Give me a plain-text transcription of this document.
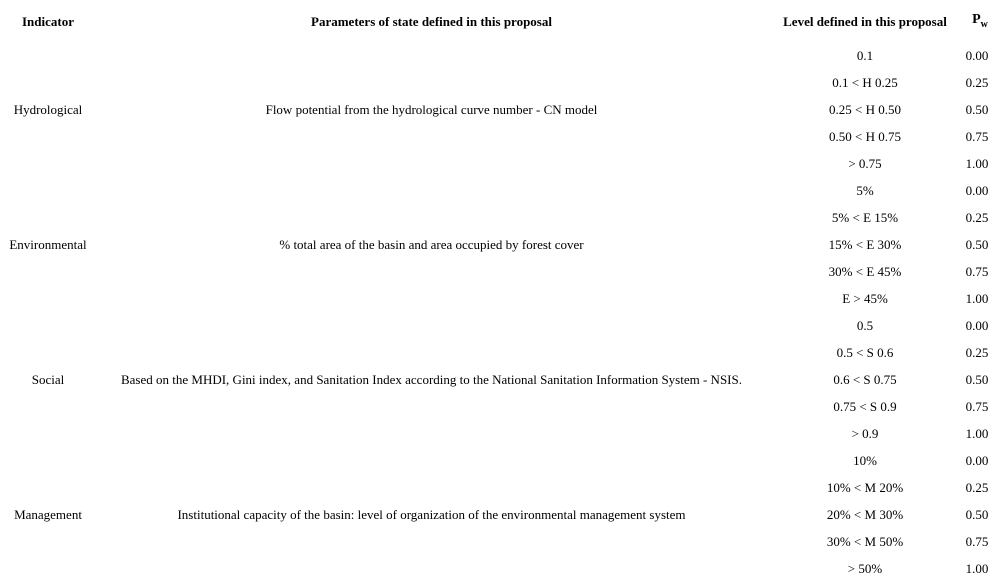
Indicator	Parameters of state defined in this proposal	Level defined in this proposal	$P_w$
Hydrological	Flow potential from the hydrological curve number - CN model	0.1	0.00
		0.1 < H 0.25	0.25
		0.25 < H 0.50	0.50
		0.50 < H 0.75	0.75
		> 0.75	1.00
Environmental	% total area of the basin and area occupied by forest cover	5%	0.00
		5% < E 15%	0.25
		15% < E 30%	0.50
		30% < E 45%	0.75
		E > 45%	1.00
Social	Based on the MHDI, Gini index, and Sanitation Index according to the National Sanitation Information System - NSIS.	0.5	0.00
		0.5 < S 0.6	0.25
		0.6 < S 0.75	0.50
		0.75 < S 0.9	0.75
		> 0.9	1.00
Management	Institutional capacity of the basin: level of organization of the environmental management system	10%	0.00
		10% < M 20%	0.25
		20% < M 30%	0.50
		30% < M 50%	0.75
		> 50%	1.00
